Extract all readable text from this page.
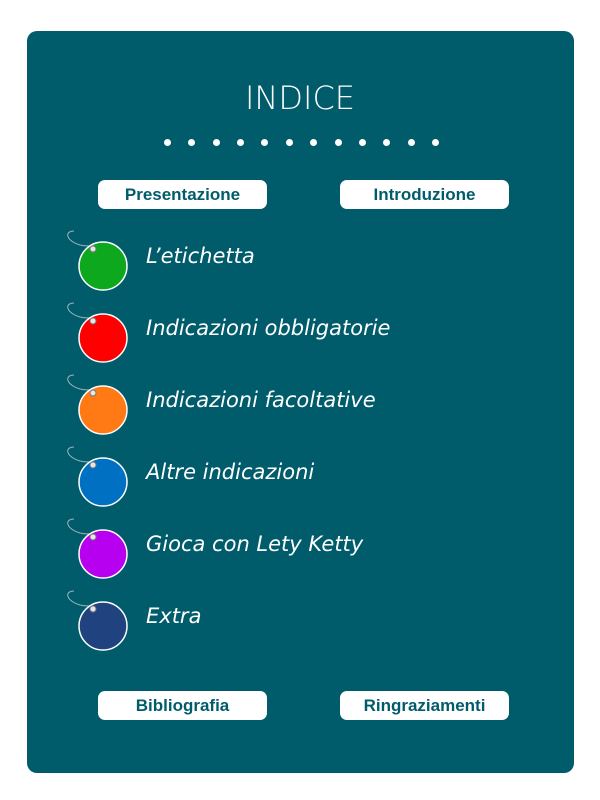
INDICE
Presentazione	Introduzione
L’etichetta
Indicazioni obbligatorie
Indicazioni facoltative
Altre indicazioni
Gioca con Lety Ketty
Extra
Bibliografia	Ringraziamenti
